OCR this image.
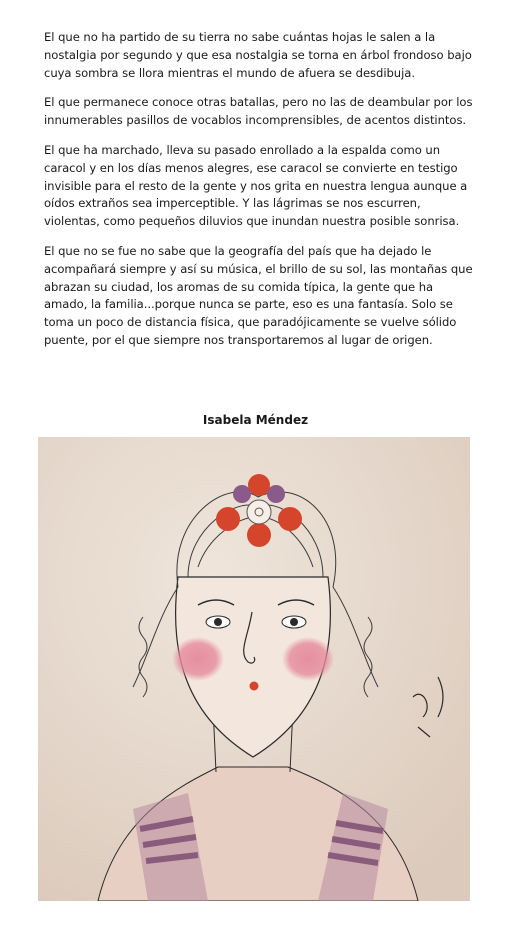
El que no ha partido de su tierra no sabe cuántas hojas le salen a la nostalgia por segundo y que esa nostalgia se torna en árbol frondoso bajo cuya sombra se llora mientras el mundo de afuera se desdibuja.

El que permanece conoce otras batallas, pero no las de deambular por los innumerables pasillos de vocablos incomprensibles, de acentos distintos.

El que ha marchado, lleva su pasado enrollado a la espalda como un caracol y en los días menos alegres, ese caracol se convierte en testigo invisible para el resto de la gente y nos grita en nuestra lengua aunque a oídos extraños sea imperceptible. Y las lágrimas se nos escurren, violentas, como pequeños diluvios que inundan nuestra posible sonrisa.

El que no se fue no sabe que la geografía del país que ha dejado le acompañará siempre y así su música, el brillo de su sol, las montañas que abrazan su ciudad, los aromas de su comida típica, la gente que ha amado, la familia...porque nunca se parte, eso es una fantasía. Solo se toma un poco de distancia física, que paradójicamente se vuelve sólido puente, por el que siempre nos transportaremos al lugar de origen.

Isabela Méndez
